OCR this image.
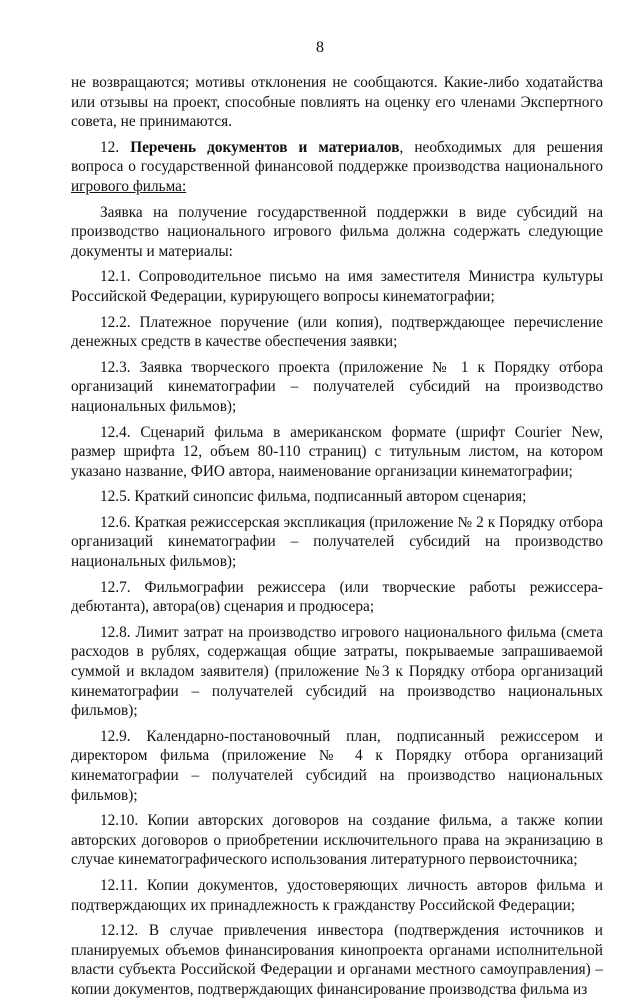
8

не возвращаются; мотивы отклонения не сообщаются. Какие-либо ходатайства или отзывы на проект, способные повлиять на оценку его членами Экспертного совета, не принимаются.

12. Перечень документов и материалов, необходимых для решения вопроса о государственной финансовой поддержке производства национального игрового фильма:

Заявка на получение государственной поддержки в виде субсидий на производство национального игрового фильма должна содержать следующие документы и материалы:

12.1. Сопроводительное письмо на имя заместителя Министра культуры Российской Федерации, курирующего вопросы кинематографии;

12.2. Платежное поручение (или копия), подтверждающее перечисление денежных средств в качестве обеспечения заявки;

12.3. Заявка творческого проекта (приложение № 1 к Порядку отбора организаций кинематографии – получателей субсидий на производство национальных фильмов);

12.4. Сценарий фильма в американском формате (шрифт Courier New, размер шрифта 12, объем 80-110 страниц) с титульным листом, на котором указано название, ФИО автора, наименование организации кинематографии;

12.5. Краткий синопсис фильма, подписанный автором сценария;

12.6. Краткая режиссерская экспликация (приложение № 2 к Порядку отбора организаций кинематографии – получателей субсидий на производство национальных фильмов);

12.7. Фильмографии режиссера (или творческие работы режиссера-дебютанта), автора(ов) сценария и продюсера;

12.8. Лимит затрат на производство игрового национального фильма (смета расходов в рублях, содержащая общие затраты, покрываемые запрашиваемой суммой и вкладом заявителя) (приложение №3 к Порядку отбора организаций кинематографии – получателей субсидий на производство национальных фильмов);

12.9. Календарно-постановочный план, подписанный режиссером и директором фильма (приложение № 4 к Порядку отбора организаций кинематографии – получателей субсидий на производство национальных фильмов);

12.10. Копии авторских договоров на создание фильма, а также копии авторских договоров о приобретении исключительного права на экранизацию в случае кинематографического использования литературного первоисточника;

12.11. Копии документов, удостоверяющих личность авторов фильма и подтверждающих их принадлежность к гражданству Российской Федерации;

12.12. В случае привлечения инвестора (подтверждения источников и планируемых объемов финансирования кинопроекта органами исполнительной власти субъекта Российской Федерации и органами местного самоуправления) – копии документов, подтверждающих финансирование производства фильма из
